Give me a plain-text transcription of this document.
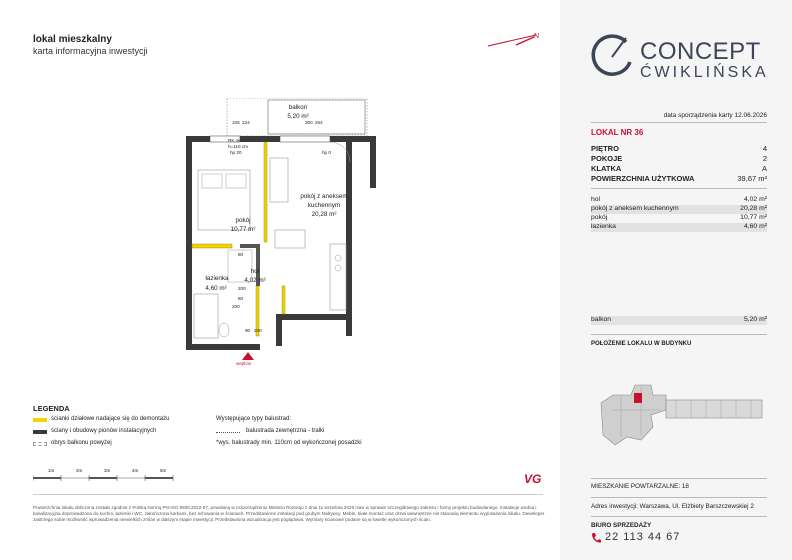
lokal mieszkalny
karta informacyjna inwestycji
N
CONCEPT
ĆWIKLIŃSKA
data sporządzenia karty 12.06.2026
LOKAL NR 36
PIĘTRO	4
POKOJE	2
KLATKA	A
POWIERZCHNIA UŻYTKOWA	39,67 m²
hol	4,02 m²
pokój z aneksem kuchennym	20,28 m²
pokój	10,77 m²
łazienka	4,60 m²
balkon	5,20 m²
POŁOŻENIE LOKALU W BUDYNKU
MIESZKANIE POWTARZALNE: 18
Adres inwestycji: Warszawa, Ul. Elżbiety Barszczewskiej 2
BIURO SPRZEDAŻY
22 113 44 67
balkon
5,20 m²
pokój z aneksem
kuchennym
20,28 m²
pokój
10,77 m²
hol
4,02 m²
łazienka
4,60 m²
wejście
hp 20	hp 0
RK ok
h=110 cm
105 224	300 254
80
200
80
200
90 200
LEGENDA
ścianki działowe nadające się do demontażu
ściany i obudowy pionów instalacyjnych
obrys balkonu powyżej
Występujące typy balustrad:
balustrada zewnętrzna - tralki
*wys. balustrady min. 110cm od wykończonej posadzki
1m	2m	3m	4m	5m
VG
Powierzchnia lokalu obliczona zostało zgodnie z Polską Normą PN-ISO 9836:2022-07, powołaną w rozporządzeniu Ministra Rozwoju z dnia 11 września 2020 roku w sprawie szczegółowego zakresu i formy projektu budowlanego. Instalacje wodna i kanalizacyjna doprowadzona do kuchni, łazienki i WC, zakończona korkami, bez schowania w ścianach. Przedstawione instalacji pod grubym Nabywcy. Meble, białe montaż oraz drzwi wewnętrzne nie stanowią elementu wyposażenia lokalu. Deweloper zastrzega sobie możliwość wprowadzenia niewielkich zmian w dalszym etapie inwestycji. Przedstawiona wizualizacja jest poglądowa. Wymiary ścianowe podane są w świetle wykończonych ścian.
